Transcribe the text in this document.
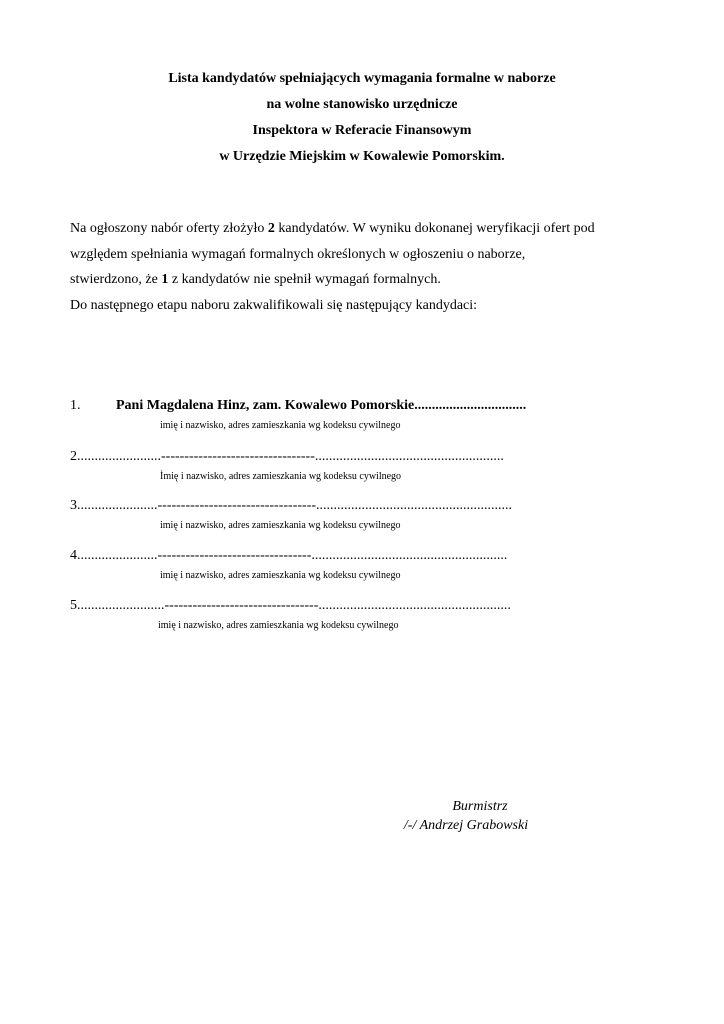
Lista kandydatów spełniających wymagania formalne w naborze
na wolne stanowisko urzędnicze
Inspektora w Referacie Finansowym
w Urzędzie Miejskim w Kowalewie Pomorskim.
Na ogłoszony nabór oferty złożyło 2 kandydatów. W wyniku dokonanej weryfikacji ofert pod
względem spełniania wymagań formalnych określonych w ogłoszeniu o naborze,
stwierdzono, że 1 z kandydatów nie spełnił wymagań formalnych.
Do następnego etapu naboru zakwalifikowali się następujący kandydaci:
1.	Pani Magdalena Hinz, zam. Kowalewo Pomorskie................................
imię i nazwisko, adres zamieszkania wg kodeksu cywilnego
2........................---------------------------------......................................................
İmię i nazwisko, adres zamieszkania wg kodeksu cywilnego
3.......................----------------------------------........................................................
imię i nazwisko, adres zamieszkania wg kodeksu cywilnego
4.......................---------------------------------........................................................
imię i nazwisko, adres zamieszkania wg kodeksu cywilnego
5.........................---------------------------------.......................................................
imię i nazwisko, adres zamieszkania wg kodeksu cywilnego
Burmistrz
/-/ Andrzej Grabowski
